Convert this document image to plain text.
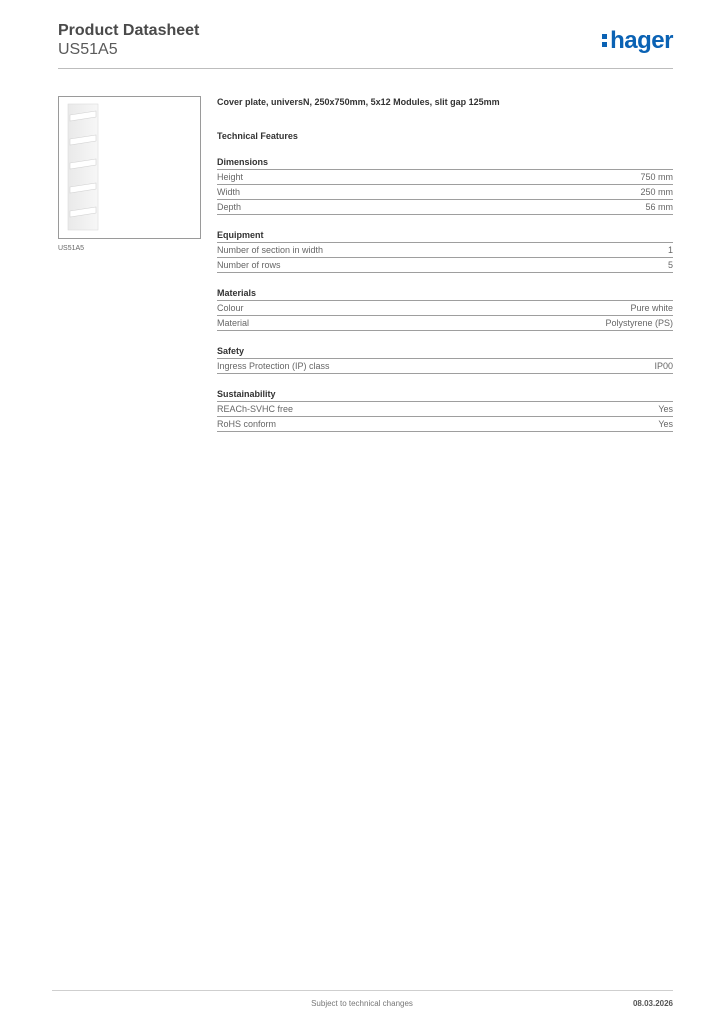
Product Datasheet
US51A5	hager
US51A5
Cover plate, universN, 250x750mm, 5x12 Modules, slit gap 125mm
Technical Features
Dimensions
Height	750 mm
Width	250 mm
Depth	56 mm
Equipment
Number of section in width	1
Number of rows	5
Materials
Colour	Pure white
Material	Polystyrene (PS)
Safety
Ingress Protection (IP) class	IP00
Sustainability
REACh-SVHC free	Yes
RoHS conform	Yes
Subject to technical changes	08.03.2026
